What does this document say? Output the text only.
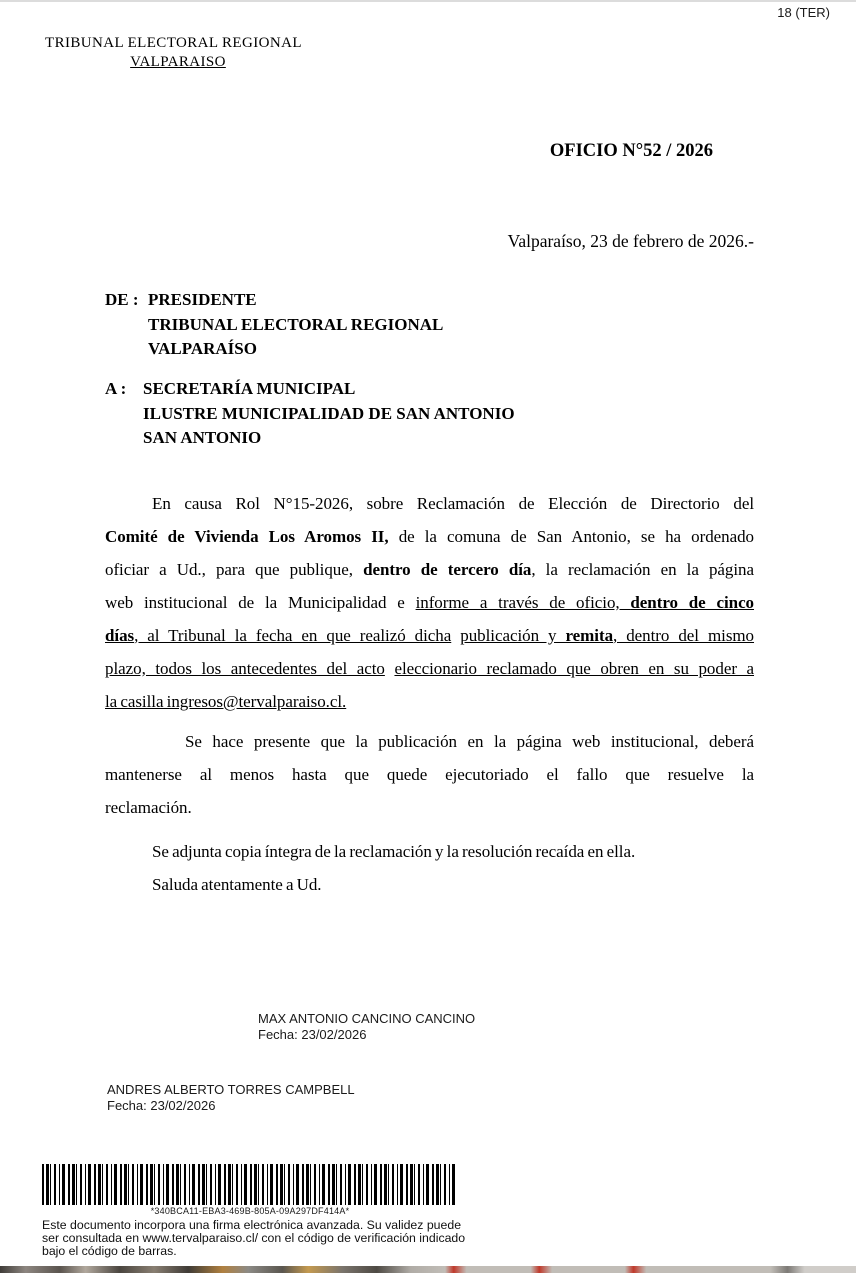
18 (TER)
TRIBUNAL ELECTORAL REGIONAL
VALPARAISO
OFICIO N°52 / 2026
Valparaíso, 23 de febrero de 2026.-
DE : PRESIDENTE
TRIBUNAL ELECTORAL REGIONAL
VALPARAÍSO
A : SECRETARÍA MUNICIPAL
ILUSTRE MUNICIPALIDAD DE SAN ANTONIO
SAN ANTONIO
En causa Rol N°15-2026, sobre Reclamación de Elección de Directorio del
Comité de Vivienda Los Aromos II, de la comuna de San Antonio, se ha ordenado
oficiar a Ud., para que publique, dentro de tercero día, la reclamación en la página
web institucional de la Municipalidad e informe a través de oficio, dentro de cinco
días, al Tribunal la fecha en que realizó dicha publicación y remita, dentro del mismo
plazo, todos los antecedentes del acto eleccionario reclamado que obren en su poder a
la casilla ingresos@tervalparaiso.cl.
Se hace presente que la publicación en la página web institucional, deberá
mantenerse al menos hasta que quede ejecutoriado el fallo que resuelve la
reclamación.
Se adjunta copia íntegra de la reclamación y la resolución recaída en ella.
Saluda atentamente a Ud.
MAX ANTONIO CANCINO CANCINO
Fecha: 23/02/2026
ANDRES ALBERTO TORRES CAMPBELL
Fecha: 23/02/2026
*340BCA11-EBA3-469B-805A-09A297DF414A*
Este documento incorpora una firma electrónica avanzada. Su validez puede
ser consultada en www.tervalparaiso.cl/ con el código de verificación indicado
bajo el código de barras.
